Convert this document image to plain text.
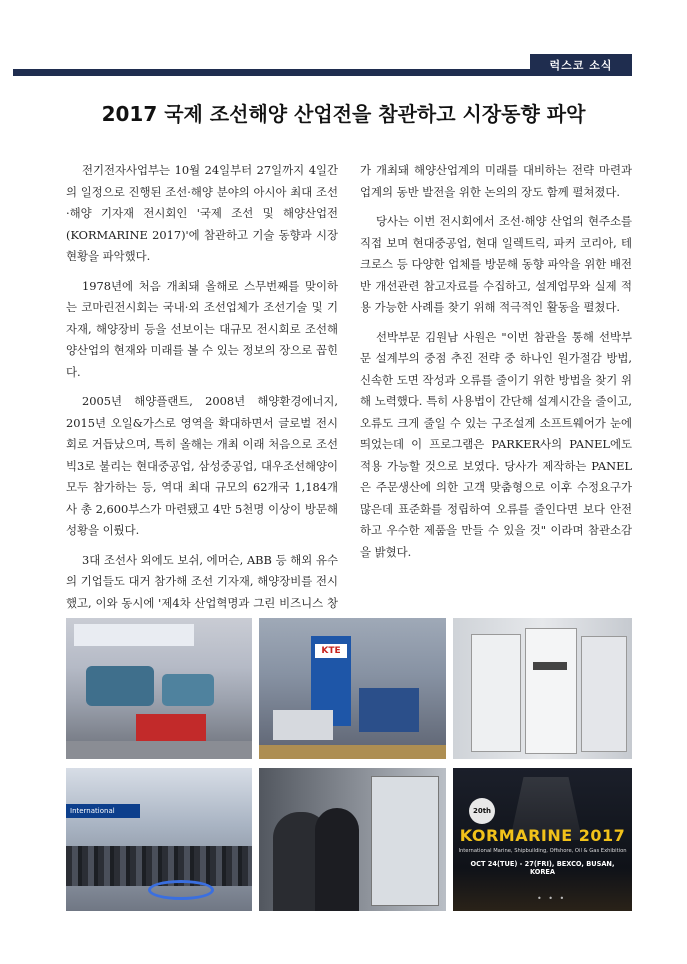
럭스코 소식
2017 국제 조선해양 산업전을 참관하고 시장동향 파악

전기전자사업부는 10월 24일부터 27일까지 4일간의 일정으로 진행된 조선·해양 분야의 아시아 최대 조선·해양 기자재 전시회인 '국제 조선 및 해양산업전(KORMARINE 2017)'에 참관하고 기술 동향과 시장현황을 파악했다.

1978년에 처음 개최돼 올해로 스무번째를 맞이하는 코마린전시회는 국내·외 조선업체가 조선기술 및 기자재, 해양장비 등을 선보이는 대규모 전시회로 조선해양산업의 현재와 미래를 볼 수 있는 정보의 장으로 꼽힌다.

2005년 해양플랜트, 2008년 해양환경에너지, 2015년 오일&가스로 영역을 확대하면서 글로벌 전시회로 거듭났으며, 특히 올해는 개최 이래 처음으로 조선 빅3로 불리는 현대중공업, 삼성중공업, 대우조선해양이 모두 참가하는 등, 역대 최대 규모의 62개국 1,184개사 총 2,600부스가 마련됐고 4만 5천명 이상이 방문해 성황을 이뤘다.

3대 조선사 외에도 보쉬, 에머슨, ABB 등 해외 유수의 기업들도 대거 참가해 조선 기자재, 해양장비를 전시했고, 이와 동시에 '제4차 산업혁명과 그린 비즈니스 창

가 개최돼 해양산업계의 미래를 대비하는 전략 마련과 업계의 동반 발전을 위한 논의의 장도 함께 펼쳐졌다.

당사는 이번 전시회에서 조선·해양 산업의 현주소를 직접 보며 현대중공업, 현대 일렉트릭, 파커 코리아, 테크로스 등 다양한 업체를 방문해 동향 파악을 위한 배전반 개선관련 참고자료를 수집하고, 설계업무와 실제 적용 가능한 사례를 찾기 위해 적극적인 활동을 펼쳤다.

선박부문 김원남 사원은 "이번 참관을 통해 선박부문 설계부의 중점 추진 전략 중 하나인 원가절감 방법, 신속한 도면 작성과 오류를 줄이기 위한 방법을 찾기 위해 노력했다. 특히 사용법이 간단해 설계시간을 줄이고, 오류도 크게 줄일 수 있는 구조설계 소프트웨어가 눈에 띄었는데 이 프로그램은 PARKER사의 PANEL에도 적용 가능할 것으로 보였다. 당사가 제작하는 PANEL은 주문생산에 의한 고객 맞춤형으로 이후 수정요구가 많은데 표준화를 정립하여 오류를 줄인다면 보다 안전하고 우수한 제품을 만들 수 있을 것" 이라며 참관소감을 밝혔다.

KTE
International	20th
KORMARINE 2017
International Marine, Shipbuilding, Offshore, Oil & Gas Exhibition
OCT 24(TUE) - 27(FRI), BEXCO, BUSAN, KOREA
• • •
